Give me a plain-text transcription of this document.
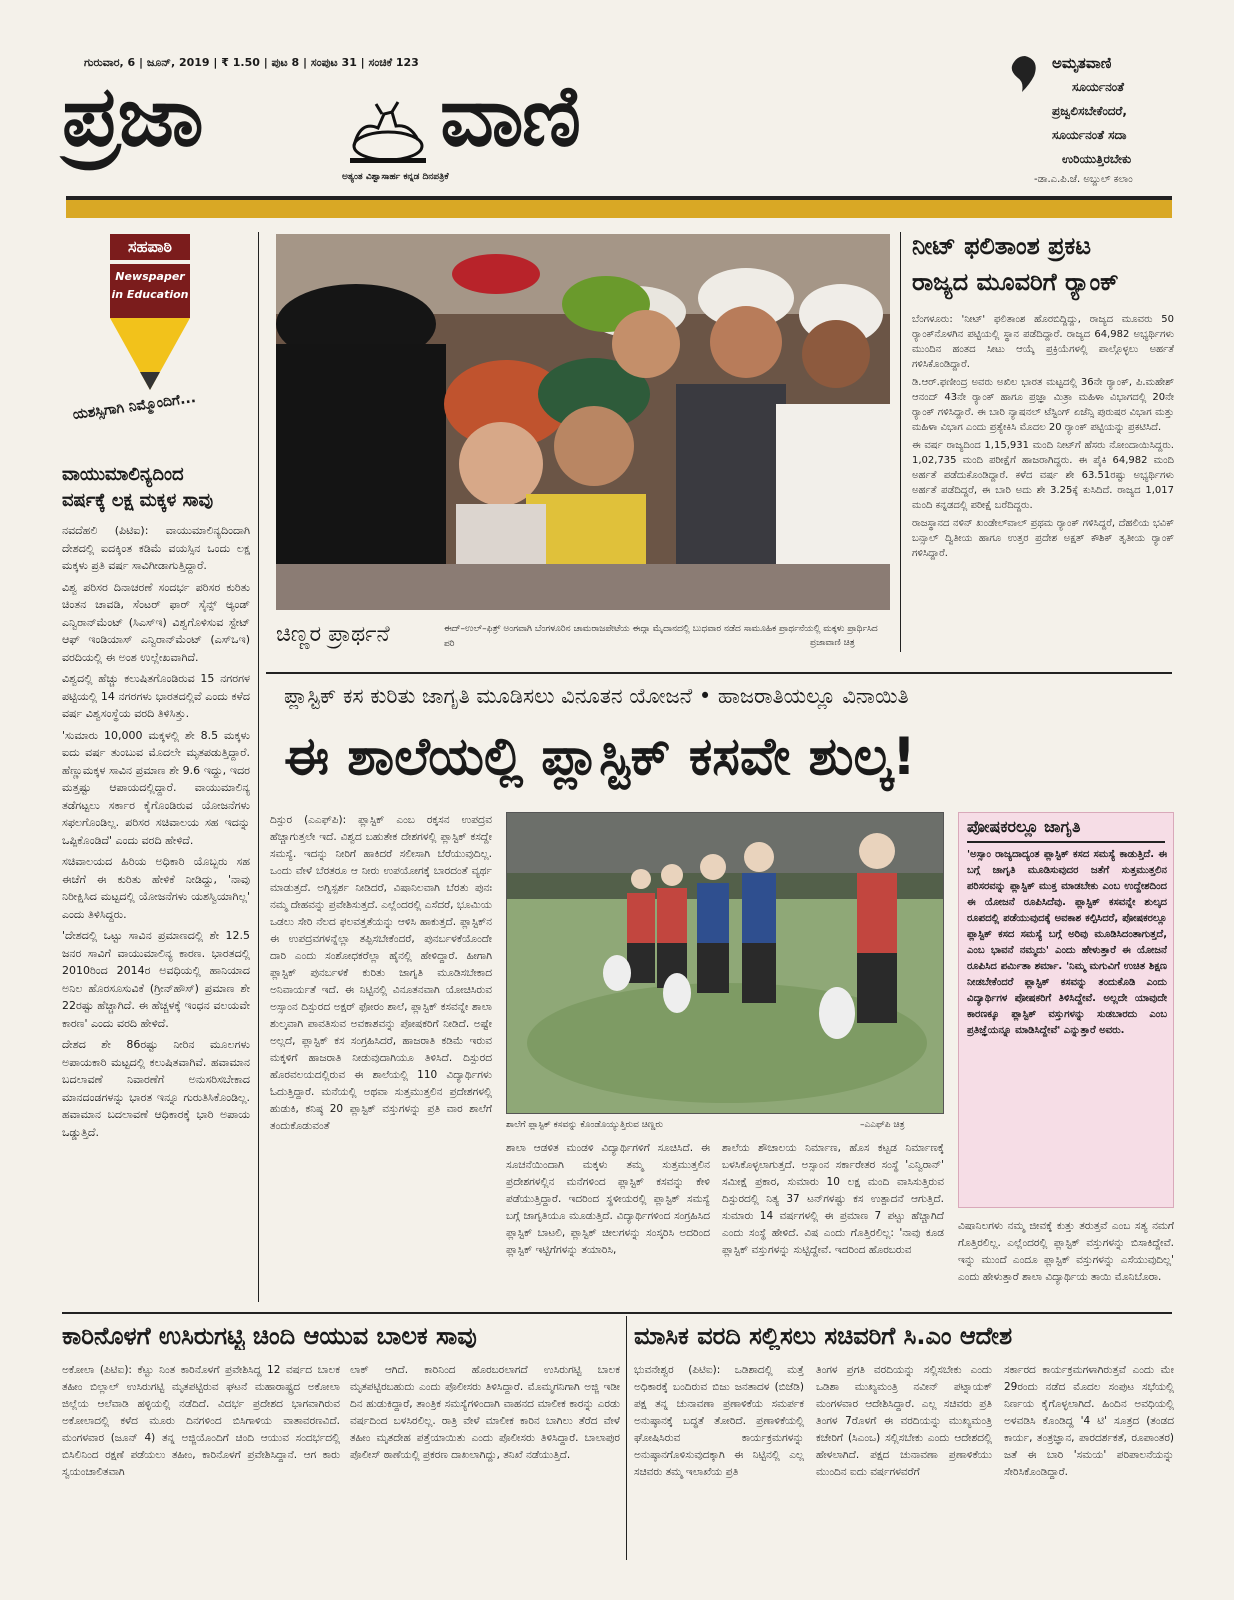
ಗುರುವಾರ, 6 | ಜೂನ್, 2019 | ₹ 1.50 | ಪುಟ 8 | ಸಂಪುಟ 31 | ಸಂಚಿಕೆ 123
ಪ್ರಜಾ	ವಾಣಿ
ಅತ್ಯಂತ ವಿಶ್ವಾಸಾರ್ಹ ಕನ್ನಡ ದಿನಪತ್ರಿಕೆ
ಅಮೃತವಾಣಿ
ಸೂರ್ಯನಂತೆ
ಪ್ರಜ್ವಲಿಸಬೇಕೆಂದರೆ,
ಸೂರ್ಯನಂತೆ ಸದಾ
ಉರಿಯುತ್ತಿರಬೇಕು
-ಡಾ.ಎ.ಪಿ.ಜೆ. ಅಬ್ದುಲ್ ಕಲಾಂ
ಸಹಪಾಠಿ
Newspaper in Education
ಯಶಸ್ಸಿಗಾಗಿ ನಿಮ್ಮೊಂದಿಗೆ...
ವಾಯುಮಾಲಿನ್ಯದಿಂದ
ವರ್ಷಕ್ಕೆ ಲಕ್ಷ ಮಕ್ಕಳ ಸಾವು

ನವದೆಹಲಿ (ಪಿಟಿಐ): ವಾಯುಮಾಲಿನ್ಯದಿಂದಾಗಿ ದೇಶದಲ್ಲಿ ಐದಕ್ಕಿಂತ ಕಡಿಮೆ ವಯಸ್ಸಿನ ಒಂದು ಲಕ್ಷ ಮಕ್ಕಳು ಪ್ರತಿ ವರ್ಷ ಸಾವಿಗೀಡಾಗುತ್ತಿದ್ದಾರೆ.

ವಿಶ್ವ ಪರಿಸರ ದಿನಾಚರಣೆ ಸಂದರ್ಭ ಪರಿಸರ ಕುರಿತು ಚಿಂತನ ಚಾವಡಿ, ಸೆಂಟರ್ ಫಾರ್ ಸೈನ್ಸ್ ಆ್ಯಂಡ್ ಎನ್ವಿರಾನ್‌ಮೆಂಟ್ (ಸಿಎಸ್ಇ) ವಿಶ್ವಗೊಳಿಸುವ ಸ್ಟೇಟ್ ಆಫ್ ಇಂಡಿಯಾಸ್ ಎನ್ವಿರಾನ್‌ಮೆಂಟ್ (ಎಸ್‌ಒಇ) ವರದಿಯಲ್ಲಿ ಈ ಅಂಶ ಉಲ್ಲೇಖವಾಗಿದೆ.

ವಿಶ್ವದಲ್ಲಿ ಹೆಚ್ಚು ಕಲುಷಿತಗೊಂಡಿರುವ 15 ನಗರಗಳ ಪಟ್ಟಿಯಲ್ಲಿ 14 ನಗರಗಳು ಭಾರತದಲ್ಲಿವೆ ಎಂದು ಕಳೆದ ವರ್ಷ ವಿಶ್ವಸಂಸ್ಥೆಯ ವರದಿ ತಿಳಿಸಿತ್ತು.

'ಸುಮಾರು 10,000 ಮಕ್ಕಳಲ್ಲಿ ಶೇ 8.5 ಮಕ್ಕಳು ಐದು ವರ್ಷ ತುಂಬುವ ಮೊದಲೇ ಮೃತಪಡುತ್ತಿದ್ದಾರೆ. ಹೆಣ್ಣುಮಕ್ಕಳ ಸಾವಿನ ಪ್ರಮಾಣ ಶೇ 9.6 ಇದ್ದು, ಇದರ ಮತ್ತಷ್ಟು ಆಪಾಯದಲ್ಲಿದ್ದಾರೆ. ವಾಯುಮಾಲಿನ್ಯ ತಡೆಗಟ್ಟಲು ಸರ್ಕಾರ ಕೈಗೊಂಡಿರುವ ಯೋಜನೆಗಳು ಸಫಲಗೊಂಡಿಲ್ಲ. ಪರಿಸರ ಸಚಿವಾಲಯ ಸಹ ಇದನ್ನು ಒಪ್ಪಿಕೊಂಡಿದೆ' ಎಂದು ವರದಿ ಹೇಳಿದೆ.

ಸಚಿವಾಲಯದ ಹಿರಿಯ ಅಧಿಕಾರಿ ಯೊಬ್ಬರು ಸಹ ಈಚೆಗೆ ಈ ಕುರಿತು ಹೇಳಿಕೆ ನೀಡಿದ್ದು, 'ನಾವು ನಿರೀಕ್ಷಿಸಿದ ಮಟ್ಟದಲ್ಲಿ ಯೋಜನೆಗಳು ಯಶಸ್ವಿಯಾಗಿಲ್ಲ' ಎಂದು ತಿಳಿಸಿದ್ದರು.

'ದೇಶದಲ್ಲಿ ಒಟ್ಟು ಸಾವಿನ ಪ್ರಮಾಣದಲ್ಲಿ ಶೇ 12.5 ಜನರ ಸಾವಿಗೆ ವಾಯುಮಾಲಿನ್ಯ ಕಾರಣ. ಭಾರತದಲ್ಲಿ 2010ರಿಂದ 2014ರ ಅವಧಿಯಲ್ಲಿ ಹಾನಿಯಾದ ಅನಿಲ ಹೊರಸೂಸುವಿಕೆ (ಗ್ರೀನ್‌ಹೌಸ್) ಪ್ರಮಾಣ ಶೇ 22ರಷ್ಟು ಹೆಚ್ಚಾಗಿದೆ. ಈ ಹೆಚ್ಚಳಕ್ಕೆ ಇಂಧನ ವಲಯವೇ ಕಾರಣ' ಎಂದು ವರದಿ ಹೇಳಿದೆ.

ದೇಶದ ಶೇ 86ರಷ್ಟು ನೀರಿನ ಮೂಲಗಳು ಅಪಾಯಕಾರಿ ಮಟ್ಟದಲ್ಲಿ ಕಲುಷಿತವಾಗಿವೆ. ಹವಾಮಾನ ಬದಲಾವಣೆ ನಿವಾರಣೆಗೆ ಅನುಸರಿಸಬೇಕಾದ ಮಾನದಂಡಗಳನ್ನು ಭಾರತ ಇನ್ನೂ ಗುರುತಿಸಿಕೊಂಡಿಲ್ಲ. ಹವಾಮಾನ ಬದಲಾವಣೆ ಆಧಿಕಾರಕ್ಕೆ ಭಾರಿ ಅಪಾಯ ಒಡ್ಡುತ್ತಿದೆ.

ಚಿಣ್ಣರ ಪ್ರಾರ್ಥನೆ	ಈದ್–ಉಲ್–ಫಿತ್ರ್ ಅಂಗವಾಗಿ ಬೆಂಗಳೂರಿನ ಚಾಮರಾಜಪೇಟೆಯ ಈದ್ಗಾ ಮೈದಾನದಲ್ಲಿ ಬುಧವಾರ ನಡೆದ ಸಾಮೂಹಿಕ ಪ್ರಾರ್ಥನೆಯಲ್ಲಿ ಮಕ್ಕಳು ಪ್ರಾರ್ಥಿಸಿದ ಪರಿ	ಪ್ರಜಾವಾಣಿ ಚಿತ್ರ
ನೀಟ್ ಫಲಿತಾಂಶ ಪ್ರಕಟ
ರಾಜ್ಯದ ಮೂವರಿಗೆ ರ‍್ಯಾಂಕ್

ಬೆಂಗಳೂರು: 'ನೀಟ್' ಫಲಿತಾಂಶ ಹೊರಬಿದ್ದಿದ್ದು, ರಾಜ್ಯದ ಮೂವರು 50 ರ‍್ಯಾಂಕ್‌ನೊಳಗಿನ ಪಟ್ಟಿಯಲ್ಲಿ ಸ್ಥಾನ ಪಡೆದಿದ್ದಾರೆ. ರಾಜ್ಯದ 64,982 ಅಭ್ಯರ್ಥಿಗಳು ಮುಂದಿನ ಹಂತದ ಸೀಟು ಆಯ್ಕೆ ಪ್ರಕ್ರಿಯೆಗಳಲ್ಲಿ ಪಾಲ್ಗೊಳ್ಳಲು ಅರ್ಹತೆ ಗಳಿಸಿಕೊಂಡಿದ್ದಾರೆ.

ಡಿ.ಆರ್.ಫಣೀಂದ್ರ ಅವರು ಅಖಿಲ ಭಾರತ ಮಟ್ಟದಲ್ಲಿ 36ನೇ ರ‍್ಯಾಂಕ್, ಪಿ.ಮಹೇಶ್ ಆನಂದ್ 43ನೇ ರ‍್ಯಾಂಕ್ ಹಾಗೂ ಪ್ರಜ್ಞಾ ಮಿತ್ರಾ ಮಹಿಳಾ ವಿಭಾಗದಲ್ಲಿ 20ನೇ ರ‍್ಯಾಂಕ್ ಗಳಿಸಿದ್ದಾರೆ. ಈ ಬಾರಿ ನ್ಯಾಷನಲ್ ಟೆಸ್ಟಿಂಗ್ ಏಜೆನ್ಸಿ ಪುರುಷರ ವಿಭಾಗ ಮತ್ತು ಮಹಿಳಾ ವಿಭಾಗ ಎಂದು ಪ್ರತ್ಯೇಕಿಸಿ ಮೊದಲ 20 ರ‍್ಯಾಂಕ್ ಪಟ್ಟಿಯನ್ನು ಪ್ರಕಟಿಸಿದೆ.

ಈ ವರ್ಷ ರಾಜ್ಯದಿಂದ 1,15,931 ಮಂದಿ ನೀಟ್‌ಗೆ ಹೆಸರು ನೋಂದಾಯಿಸಿದ್ದರು. 1,02,735 ಮಂದಿ ಪರೀಕ್ಷೆಗೆ ಹಾಜರಾಗಿದ್ದರು. ಈ ಪೈಕಿ 64,982 ಮಂದಿ ಅರ್ಹತೆ ಪಡೆದುಕೊಂಡಿದ್ದಾರೆ. ಕಳೆದ ವರ್ಷ ಶೇ 63.51ರಷ್ಟು ಅಭ್ಯರ್ಥಿಗಳು ಅರ್ಹತೆ ಪಡೆದಿದ್ದರೆ, ಈ ಬಾರಿ ಅದು ಶೇ 3.25ಕ್ಕೆ ಕುಸಿದಿದೆ. ರಾಜ್ಯದ 1,017 ಮಂದಿ ಕನ್ನಡದಲ್ಲಿ ಪರೀಕ್ಷೆ ಬರೆದಿದ್ದರು.

ರಾಜಸ್ಥಾನದ ನಳಿನ್ ಖಂಡೇಲ್‌ವಾಲ್ ಪ್ರಥಮ ರ‍್ಯಾಂಕ್ ಗಳಿಸಿದ್ದರೆ, ದೆಹಲಿಯ ಭವಿಕ್ ಬನ್ಸಾಲ್ ದ್ವಿತೀಯ ಹಾಗೂ ಉತ್ತರ ಪ್ರದೇಶ ಅಕ್ಷತ್ ಕೌಶಿಕ್ ತೃತೀಯ ರ‍್ಯಾಂಕ್ ಗಳಿಸಿದ್ದಾರೆ.

ಪ್ಲಾಸ್ಟಿಕ್ ಕಸ ಕುರಿತು ಜಾಗೃತಿ ಮೂಡಿಸಲು ವಿನೂತನ ಯೋಜನೆ • ಹಾಜರಾತಿಯಲ್ಲೂ ವಿನಾಯಿತಿ
ಈ ಶಾಲೆಯಲ್ಲಿ ಪ್ಲಾಸ್ಟಿಕ್ ಕಸವೇ ಶುಲ್ಕ!
ದಿಸ್ಪುರ (ಎಎಫ್‌ಪಿ): ಪ್ಲಾಸ್ಟಿಕ್ ಎಂಬ ರಕ್ಕಸನ ಉಪದ್ರವ ಹೆಚ್ಚಾಗುತ್ತಲೇ ಇದೆ. ವಿಶ್ವದ ಬಹುತೇಕ ದೇಶಗಳಲ್ಲಿ ಪ್ಲಾಸ್ಟಿಕ್ ಕಸದ್ದೇ ಸಮಸ್ಯೆ. ಇದನ್ನು ನೀರಿಗೆ ಹಾಕಿದರೆ ಸಲೀಸಾಗಿ ಬೆರೆಯುವುದಿಲ್ಲ. ಒಂದು ವೇಳೆ ಬೆರತರೂ ಆ ನೀರು ಉಪಯೋಗಕ್ಕೆ ಬಾರದಂತೆ ವ್ಯರ್ಥ ಮಾಡುತ್ತದೆ. ಅಗ್ನಿಸ್ಪರ್ಶ ನೀಡಿದರೆ, ವಿಷಾನಿಲವಾಗಿ ಬೆರತು ಪುನಃ ನಮ್ಮ ದೇಹವನ್ನು ಪ್ರವೇಶಿಸುತ್ತದೆ. ಎಲ್ಲೆಂದರಲ್ಲಿ ಎಸೆದರೆ, ಭೂಮಿಯ ಒಡಲು ಸೇರಿ ನೆಲದ ಫಲವತ್ತತೆಯನ್ನು ಆಳಿಸಿ ಹಾಕುತ್ತದೆ. ಪ್ಲಾಸ್ಟಿಕ್‌ನ ಈ ಉಪದ್ರವಗಳನ್ನೆಲ್ಲಾ ತಪ್ಪಿಸಬೇಕೆಂದರೆ, ಪುನರ್ಬಳಕೆಯೊಂದೇ ದಾರಿ ಎಂದು ಸಂಶೋಧಕರೆಲ್ಲಾ ಹೈನಲ್ಲಿ ಹೇಳಿದ್ದಾರೆ. ಹೀಗಾಗಿ ಪ್ಲಾಸ್ಟಿಕ್ ಪುನರ್ಬಳಕೆ ಕುರಿತು ಜಾಗೃತಿ ಮೂಡಿಸಬೇಕಾದ ಅನಿವಾರ್ಯತೆ ಇದೆ. ಈ ನಿಟ್ಟಿನಲ್ಲಿ ವಿನೂತನವಾಗಿ ಯೋಚಿಸಿರುವ ಅಸ್ಸಾಂನ ದಿಸ್ಪುರದ ಅಕ್ಷರ್ ಫೋರಂ ಶಾಲೆ, ಪ್ಲಾಸ್ಟಿಕ್ ಕಸವನ್ನೇ ಶಾಲಾ ಶುಲ್ಕವಾಗಿ ಪಾವತಿಸುವ ಅವಕಾಶವನ್ನು ಪೋಷಕರಿಗೆ ನೀಡಿದೆ. ಅಷ್ಟೇ ಅಲ್ಲದೆ, ಪ್ಲಾಸ್ಟಿಕ್ ಕಸ ಸಂಗ್ರಹಿಸಿದರೆ, ಹಾಜರಾತಿ ಕಡಿಮೆ ಇರುವ ಮಕ್ಕಳಿಗೆ ಹಾಜರಾತಿ ನೀಡುವುದಾಗಿಯೂ ತಿಳಿಸಿದೆ. ದಿಸ್ಪುರದ ಹೊರವಲಯದಲ್ಲಿರುವ ಈ ಶಾಲೆಯಲ್ಲಿ 110 ವಿದ್ಯಾರ್ಥಿಗಳು ಓದುತ್ತಿದ್ದಾರೆ. ಮನೆಯಲ್ಲಿ ಅಥವಾ ಸುತ್ತಮುತ್ತಲಿನ ಪ್ರದೇಶಗಳಲ್ಲಿ ಹುಡುಕಿ, ಕನಿಷ್ಠ 20 ಪ್ಲಾಸ್ಟಿಕ್ ವಸ್ತುಗಳನ್ನು ಪ್ರತಿ ವಾರ ಶಾಲೆಗೆ ತಂದುಕೊಡುವಂತೆ	ಶಾಲೆಗೆ ಪ್ಲಾಸ್ಟಿಕ್ ಕಸವನ್ನು ಕೊಂಡೊಯ್ಯುತ್ತಿರುವ ಚಿಣ್ಣರು	–ಎಎಫ್‌ಪಿ ಚಿತ್ರ
ಶಾಲಾ ಆಡಳಿತ ಮಂಡಳಿ ವಿದ್ಯಾರ್ಥಿಗಳಿಗೆ ಸೂಚಿಸಿದೆ. ಈ ಸೂಚನೆಯಿಂದಾಗಿ ಮಕ್ಕಳು ತಮ್ಮ ಸುತ್ತಮುತ್ತಲಿನ ಪ್ರದೇಶಗಳಲ್ಲಿನ ಮನೆಗಳಿಂದ ಪ್ಲಾಸ್ಟಿಕ್ ಕಸವನ್ನು ಕೇಳಿ ಪಡೆಯುತ್ತಿದ್ದಾರೆ. ಇದರಿಂದ ಸ್ಥಳೀಯರಲ್ಲಿ ಪ್ಲಾಸ್ಟಿಕ್ ಸಮಸ್ಯೆ ಬಗ್ಗೆ ಜಾಗೃತಿಯೂ ಮೂಡುತ್ತಿದೆ. ವಿದ್ಯಾರ್ಥಿಗಳಿಂದ ಸಂಗ್ರಹಿಸಿದ ಪ್ಲಾಸ್ಟಿಕ್ ಬಾಟಲಿ, ಪ್ಲಾಸ್ಟಿಕ್ ಚೀಲಗಳನ್ನು ಸಂಸ್ಕರಿಸಿ ಅದರಿಂದ ಪ್ಲಾಸ್ಟಿಕ್ ಇಟ್ಟಿಗೆಗಳನ್ನು ತಯಾರಿಸಿ,
ಶಾಲೆಯ ಶೌಚಾಲಯ ನಿರ್ಮಾಣ, ಹೊಸ ಕಟ್ಟಡ ನಿರ್ಮಾಣಕ್ಕೆ ಬಳಸಿಕೊಳ್ಳಲಾಗುತ್ತದೆ. ಅಸ್ಸಾಂನ ಸರ್ಕಾರೇತರ ಸಂಸ್ಥೆ 'ಎನ್ವಿರಾನ್' ಸಮೀಕ್ಷೆ ಪ್ರಕಾರ, ಸುಮಾರು 10 ಲಕ್ಷ ಮಂದಿ ವಾಸಿಸುತ್ತಿರುವ ದಿಸ್ಪುರದಲ್ಲಿ ನಿತ್ಯ 37 ಟನ್‌ಗಳಷ್ಟು ಕಸ ಉತ್ಪಾದನೆ ಆಗುತ್ತಿದೆ. ಸುಮಾರು 14 ವರ್ಷಗಳಲ್ಲಿ ಈ ಪ್ರಮಾಣ 7 ಪಟ್ಟು ಹೆಚ್ಚಾಗಿದೆ ಎಂದು ಸಂಸ್ಥೆ ಹೇಳಿದೆ. ವಿಷ ಎಂದು ಗೊತ್ತಿರಲಿಲ್ಲ: 'ನಾವು ಕೂಡ ಪ್ಲಾಸ್ಟಿಕ್ ವಸ್ತುಗಳನ್ನು ಸುಟ್ಟಿದ್ದೇವೆ. ಇದರಿಂದ ಹೊರಬರುವ
ಪೋಷಕರಲ್ಲೂ ಜಾಗೃತಿ
'ಅಸ್ಸಾಂ ರಾಜ್ಯದಾದ್ಯಂತ ಪ್ಲಾಸ್ಟಿಕ್ ಕಸದ ಸಮಸ್ಯೆ ಕಾಡುತ್ತಿದೆ. ಈ ಬಗ್ಗೆ ಜಾಗೃತಿ ಮೂಡಿಸುವುದರ ಜತೆಗೆ ಸುತ್ತಮುತ್ತಲಿನ ಪರಿಸರವನ್ನು ಪ್ಲಾಸ್ಟಿಕ್ ಮುಕ್ತ ಮಾಡಬೇಕು ಎಂಬ ಉದ್ದೇಶದಿಂದ ಈ ಯೋಜನೆ ರೂಪಿಸಿದೆವು. ಪ್ಲಾಸ್ಟಿಕ್ ಕಸವನ್ನೇ ಶುಲ್ಕದ ರೂಪದಲ್ಲಿ ಪಡೆಯುವುದಕ್ಕೆ ಅವಕಾಶ ಕಲ್ಪಿಸಿದರೆ, ಪೋಷಕರಲ್ಲೂ ಪ್ಲಾಸ್ಟಿಕ್ ಕಸದ ಸಮಸ್ಯೆ ಬಗ್ಗೆ ಅರಿವು ಮೂಡಿಸಿದಂತಾಗುತ್ತದೆ, ಎಂಬ ಭಾವನೆ ನಮ್ಮದು' ಎಂದು ಹೇಳುತ್ತಾರೆ ಈ ಯೋಜನೆ ರೂಪಿಸಿದ ಪರ್ಮಿತಾ ಶರ್ಮಾ. 'ನಿಮ್ಮ ಮಗುವಿಗೆ ಉಚಿತ ಶಿಕ್ಷಣ ನೀಡಬೇಕೆಂದರೆ ಪ್ಲಾಸ್ಟಿಕ್ ಕಸವನ್ನು ತಂದುಕೊಡಿ ಎಂದು ವಿದ್ಯಾರ್ಥಿಗಳ ಪೋಷಕರಿಗೆ ತಿಳಿಸಿದ್ದೇವೆ. ಅಲ್ಲದೇ ಯಾವುದೇ ಕಾರಣಕ್ಕೂ ಪ್ಲಾಸ್ಟಿಕ್ ವಸ್ತುಗಳನ್ನು ಸುಡಬಾರದು ಎಂಬ ಪ್ರತಿಜ್ಞೆಯನ್ನೂ ಮಾಡಿಸಿದ್ದೇವೆ' ಎನ್ನುತ್ತಾರೆ ಅವರು.
ವಿಷಾನಿಲಗಳು ನಮ್ಮ ಜೀವಕ್ಕೆ ಕುತ್ತು ತರುತ್ತವೆ ಎಂಬ ಸತ್ಯ ನಮಗೆ ಗೊತ್ತಿರಲಿಲ್ಲ. ಎಲ್ಲೆಂದರಲ್ಲಿ ಪ್ಲಾಸ್ಟಿಕ್ ವಸ್ತುಗಳನ್ನು ಬಿಸಾಕಿದ್ದೇವೆ. ಇನ್ನು ಮುಂದೆ ಎಂದೂ ಪ್ಲಾಸ್ಟಿಕ್ ವಸ್ತುಗಳನ್ನು ಎಸೆಯುವುದಿಲ್ಲ' ಎಂದು ಹೇಳುತ್ತಾರೆ ಶಾಲಾ ವಿದ್ಯಾರ್ಥಿಯ ತಾಯಿ ಮೊನಿಬೊರಾ.
ಕಾರಿನೊಳಗೆ ಉಸಿರುಗಟ್ಟಿ ಚಿಂದಿ ಆಯುವ ಬಾಲಕ ಸಾವು
ಅಕೋಲಾ (ಪಿಟಿಐ): ಕೆಟ್ಟು ನಿಂತ ಕಾರಿನೊಳಗೆ ಪ್ರವೇಶಿಸಿದ್ದ 12 ವರ್ಷದ ಬಾಲಕ ತಹೀಂ ಬಿಲ್ಲಾಲ್ ಉಸಿರುಗಟ್ಟಿ ಮೃತಪಟ್ಟಿರುವ ಘಟನೆ ಮಹಾರಾಷ್ಟ್ರದ ಅಕೋಲಾ ಜಿಲ್ಲೆಯ ಆಲೆವಾಡಿ ಹಳ್ಳಿಯಲ್ಲಿ ನಡೆದಿದೆ. ವಿದರ್ಭ ಪ್ರದೇಶದ ಭಾಗವಾಗಿರುವ ಅಕೋಲಾದಲ್ಲಿ ಕಳೆದ ಮೂರು ದಿನಗಳಿಂದ ಬಿಸಿಗಾಳಿಯ ವಾತಾವರಣವಿದೆ. ಮಂಗಳವಾರ (ಜೂನ್ 4) ತನ್ನ ಅಜ್ಜಿಯೊಂದಿಗೆ ಚಿಂದಿ ಆಯುವ ಸಂದರ್ಭದಲ್ಲಿ ಬಿಸಿಲಿನಿಂದ ರಕ್ಷಣೆ ಪಡೆಯಲು ತಹೀಂ, ಕಾರಿನೊಳಗೆ ಪ್ರವೇಶಿಸಿದ್ದಾನೆ. ಆಗ ಕಾರು ಸ್ವಯಂಚಾಲಿತವಾಗಿ
ಲಾಕ್ ಆಗಿದೆ. ಕಾರಿನಿಂದ ಹೊರಬರಲಾಗದೆ ಉಸಿರುಗಟ್ಟಿ ಬಾಲಕ ಮೃತಪಟ್ಟಿರಬಹುದು ಎಂದು ಪೊಲೀಸರು ತಿಳಿಸಿದ್ದಾರೆ. ಮೊಮ್ಮಗನಿಗಾಗಿ ಅಜ್ಜಿ ಇಡೀ ದಿನ ಹುಡುಕಿದ್ದಾರೆ, ತಾಂತ್ರಿಕ ಸಮಸ್ಯೆಗಳಿಂದಾಗಿ ವಾಹನದ ಮಾಲೀಕ ಕಾರನ್ನು ಎರಡು ವರ್ಷದಿಂದ ಬಳಸಿರಲಿಲ್ಲ. ರಾತ್ರಿ ವೇಳೆ ಮಾಲೀಕ ಕಾರಿನ ಬಾಗಿಲು ತೆರೆದ ವೇಳೆ ತಹೀಂ ಮೃತದೇಹ ಪತ್ತೆಯಾಯಿತು ಎಂದು ಪೊಲೀಸರು ತಿಳಿಸಿದ್ದಾರೆ. ಬಾಲಾಪುರ ಪೊಲೀಸ್ ಠಾಣೆಯಲ್ಲಿ ಪ್ರಕರಣ ದಾಖಲಾಗಿದ್ದು, ತನಿಖೆ ನಡೆಯುತ್ತಿದೆ.
ಮಾಸಿಕ ವರದಿ ಸಲ್ಲಿಸಲು ಸಚಿವರಿಗೆ ಸಿ.ಎಂ ಆದೇಶ
ಭುವನೇಶ್ವರ (ಪಿಟಿಐ): ಒಡಿಶಾದಲ್ಲಿ ಮತ್ತೆ ಅಧಿಕಾರಕ್ಕೆ ಬಂದಿರುವ ಬಿಜು ಜನತಾದಳ (ಬಿಜೆಡಿ) ಪಕ್ಷ ತನ್ನ ಚುನಾವಣಾ ಪ್ರಣಾಳಿಕೆಯ ಸಮರ್ಪಕ ಅನುಷ್ಠಾನಕ್ಕೆ ಬದ್ಧತೆ ತೋರಿದೆ. ಪ್ರಣಾಳಿಕೆಯಲ್ಲಿ ಘೋಷಿಸಿರುವ ಕಾರ್ಯಕ್ರಮಗಳನ್ನು ಅನುಷ್ಠಾನಗೊಳಿಸುವುದಕ್ಕಾಗಿ ಈ ನಿಟ್ಟಿನಲ್ಲಿ ಎಲ್ಲ ಸಚಿವರು ತಮ್ಮ ಇಲಾಖೆಯ ಪ್ರತಿ
ತಿಂಗಳ ಪ್ರಗತಿ ವರದಿಯನ್ನು ಸಲ್ಲಿಸಬೇಕು ಎಂದು ಒಡಿಶಾ ಮುಖ್ಯಮಂತ್ರಿ ನವೀನ್ ಪಟ್ನಾಯಕ್ ಮಂಗಳವಾರ ಆದೇಶಿಸಿದ್ದಾರೆ. ಎಲ್ಲ ಸಚಿವರು ಪ್ರತಿ ತಿಂಗಳ 7ರೊಳಗೆ ಈ ವರದಿಯನ್ನು ಮುಖ್ಯಮಂತ್ರಿ ಕಚೇರಿಗೆ (ಸಿಎಂಒ) ಸಲ್ಲಿಸಬೇಕು ಎಂದು ಆದೇಶದಲ್ಲಿ ಹೇಳಲಾಗಿದೆ. ಪಕ್ಷದ ಚುನಾವಣಾ ಪ್ರಣಾಳಿಕೆಯು ಮುಂದಿನ ಐದು ವರ್ಷಗಳವರೆಗೆ
ಸರ್ಕಾರದ ಕಾರ್ಯಕ್ರಮಗಳಾಗಿರುತ್ತವೆ ಎಂದು ಮೇ 29ರಂದು ನಡೆದ ಮೊದಲ ಸಂಪುಟ ಸಭೆಯಲ್ಲಿ ನಿರ್ಣಯ ಕೈಗೊಳ್ಳಲಾಗಿದೆ. ಹಿಂದಿನ ಅವಧಿಯಲ್ಲಿ ಅಳವಡಿಸಿ ಕೊಂಡಿದ್ದ '4 ಟಿ' ಸೂತ್ರದ (ತಂಡದ ಕಾರ್ಯ, ತಂತ್ರಜ್ಞಾನ, ಪಾರದರ್ಶಕತೆ, ರೂಪಾಂತರ) ಜತೆ ಈ ಬಾರಿ 'ಸಮಯ' ಪರಿಪಾಲನೆಯನ್ನು ಸೇರಿಸಿಕೊಂಡಿದ್ದಾರೆ.
